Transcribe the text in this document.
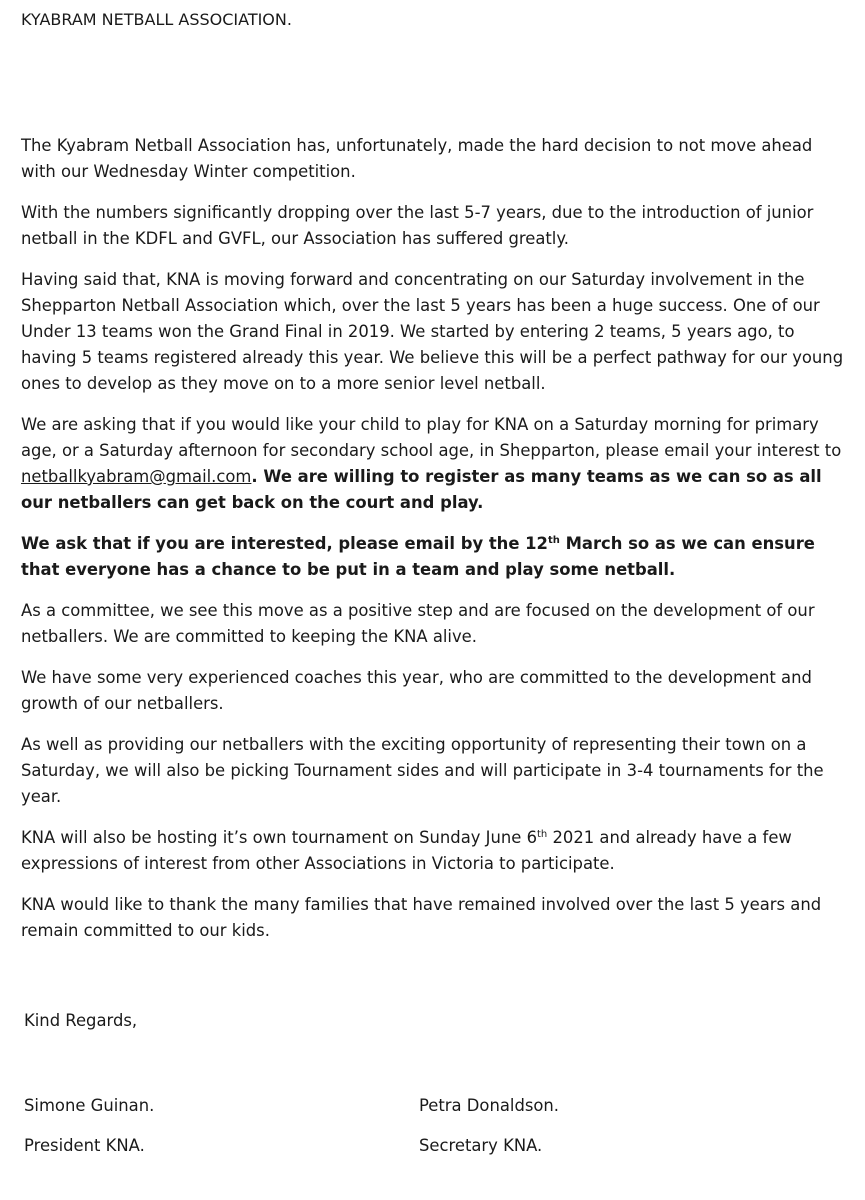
KYABRAM NETBALL ASSOCIATION.

The Kyabram Netball Association has, unfortunately, made the hard decision to not move ahead with our Wednesday Winter competition.

With the numbers significantly dropping over the last 5-7 years, due to the introduction of junior netball in the KDFL and GVFL, our Association has suffered greatly.

Having said that, KNA is moving forward and concentrating on our Saturday involvement in the Shepparton Netball Association which, over the last 5 years has been a huge success. One of our Under 13 teams won the Grand Final in 2019. We started by entering 2 teams, 5 years ago, to having 5 teams registered already this year. We believe this will be a perfect pathway for our young ones to develop as they move on to a more senior level netball.

We are asking that if you would like your child to play for KNA on a Saturday morning for primary age, or a Saturday afternoon for secondary school age, in Shepparton, please email your interest to netballkyabram@gmail.com. We are willing to register as many teams as we can so as all our netballers can get back on the court and play.

We ask that if you are interested, please email by the 12th March so as we can ensure that everyone has a chance to be put in a team and play some netball.

As a committee, we see this move as a positive step and are focused on the development of our netballers. We are committed to keeping the KNA alive.

We have some very experienced coaches this year, who are committed to the development and growth of our netballers.

As well as providing our netballers with the exciting opportunity of representing their town on a Saturday, we will also be picking Tournament sides and will participate in 3-4 tournaments for the year.

KNA will also be hosting it’s own tournament on Sunday June 6th 2021 and already have a few expressions of interest from other Associations in Victoria to participate.

KNA would like to thank the many families that have remained involved over the last 5 years and remain committed to our kids.

Kind Regards,

Simone Guinan.

President KNA.

Petra Donaldson.

Secretary KNA.
